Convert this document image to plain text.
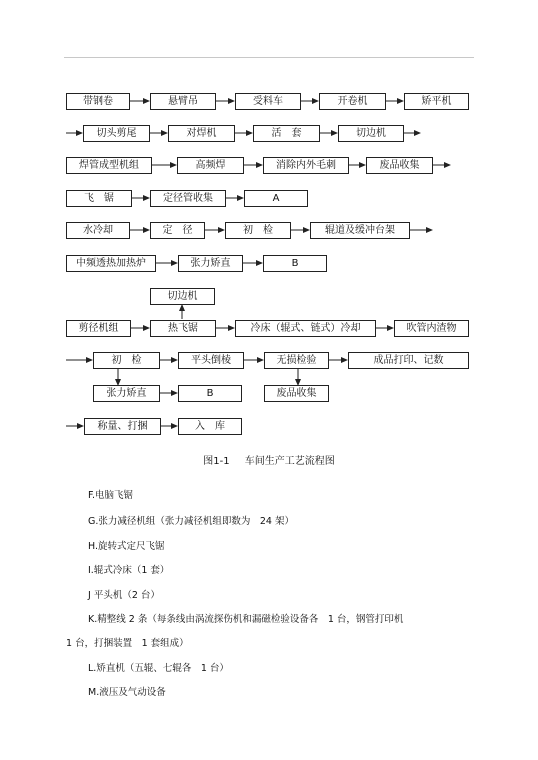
带钢卷	悬臂吊	受料车	开卷机	矫平机
切头剪尾	对焊机	活　套	切边机
焊管成型机组	高频焊	消除内外毛刺	废品收集
飞　锯	定径管收集	A
水冷却	定　径	初　检	辊道及缓冲台架
中频透热加热炉	张力矫直	B
切边机
剪径机组	热飞锯	冷床（辊式、链式）冷却	吹管内渣物
初　检	平头倒棱	无损检验	成品打印、记数
张力矫直	B	废品收集
称量、打捆	入　库
图1-1 车间生产工艺流程图
F.电脑飞锯
G.张力减径机组（张力减径机组即数为　24 架）
H.旋转式定尺飞锯
I.辊式冷床（1 套）
J 平头机（2 台）
K.精整线 2 条（每条线由涡流探伤机和漏磁检验设备各　1 台，钢管打印机
1 台，打捆装置　1 套组成）
L.矫直机（五辊、七辊各　1 台）
M.液压及气动设备
